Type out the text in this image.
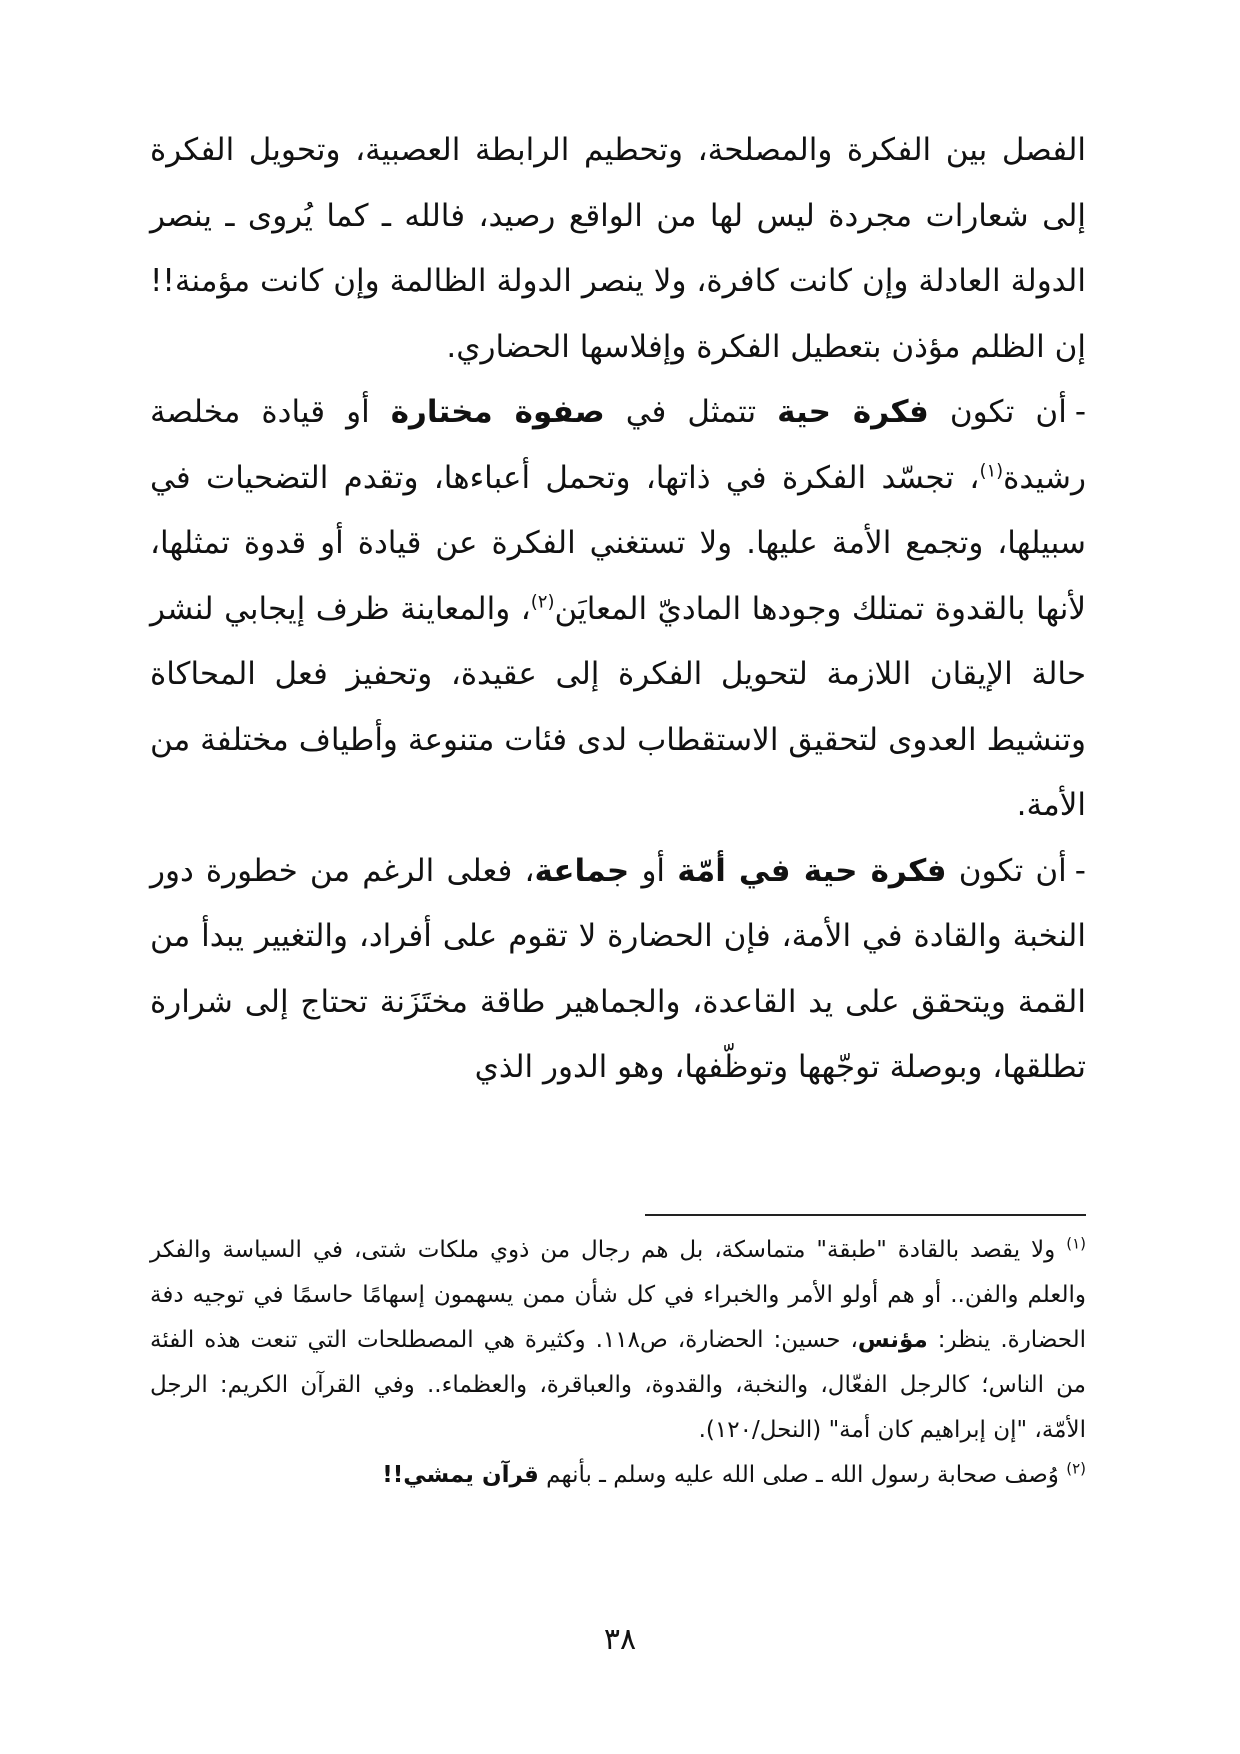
الفصل بين الفكرة والمصلحة، وتحطيم الرابطة العصبية، وتحويل الفكرة إلى شعارات مجردة ليس لها من الواقع رصيد، فالله ـ كما يُروى ـ ينصر الدولة العادلة وإن كانت كافرة، ولا ينصر الدولة الظالمة وإن كانت مؤمنة!! إن الظلم مؤذن بتعطيل الفكرة وإفلاسها الحضاري.

-أن تكون فكرة حية تتمثل في صفوة مختارة أو قيادة مخلصة رشيدة$^{(١)}$، تجسّد الفكرة في ذاتها، وتحمل أعباءها، وتقدم التضحيات في سبيلها، وتجمع الأمة عليها. ولا تستغني الفكرة عن قيادة أو قدوة تمثلها، لأنها بالقدوة تمتلك وجودها الماديّ المعايَن$^{(٢)}$، والمعاينة ظرف إيجابي لنشر حالة الإيقان اللازمة لتحويل الفكرة إلى عقيدة، وتحفيز فعل المحاكاة وتنشيط العدوى لتحقيق الاستقطاب لدى فئات متنوعة وأطياف مختلفة من الأمة.

-أن تكون فكرة حية في أمّة أو جماعة، فعلى الرغم من خطورة دور النخبة والقادة في الأمة، فإن الحضارة لا تقوم على أفراد، والتغيير يبدأ من القمة ويتحقق على يد القاعدة، والجماهير طاقة مختَزَنة تحتاج إلى شرارة تطلقها، وبوصلة توجّهها وتوظّفها، وهو الدور الذي

$^{(١)}$ ولا يقصد بالقادة "طبقة" متماسكة، بل هم رجال من ذوي ملكات شتى، في السياسة والفكر والعلم والفن.. أو هم أولو الأمر والخبراء في كل شأن ممن يسهمون إسهامًا حاسمًا في توجيه دفة الحضارة. ينظر: مؤنس، حسين: الحضارة، ص١١٨. وكثيرة هي المصطلحات التي تنعت هذه الفئة من الناس؛ كالرجل الفعّال، والنخبة، والقدوة، والعباقرة، والعظماء.. وفي القرآن الكريم: الرجل الأمّة، "إن إبراهيم كان أمة" (النحل/١٢٠).

$^{(٢)}$ وُصف صحابة رسول الله ـ صلى الله عليه وسلم ـ بأنهم قرآن يمشي!!

٣٨
